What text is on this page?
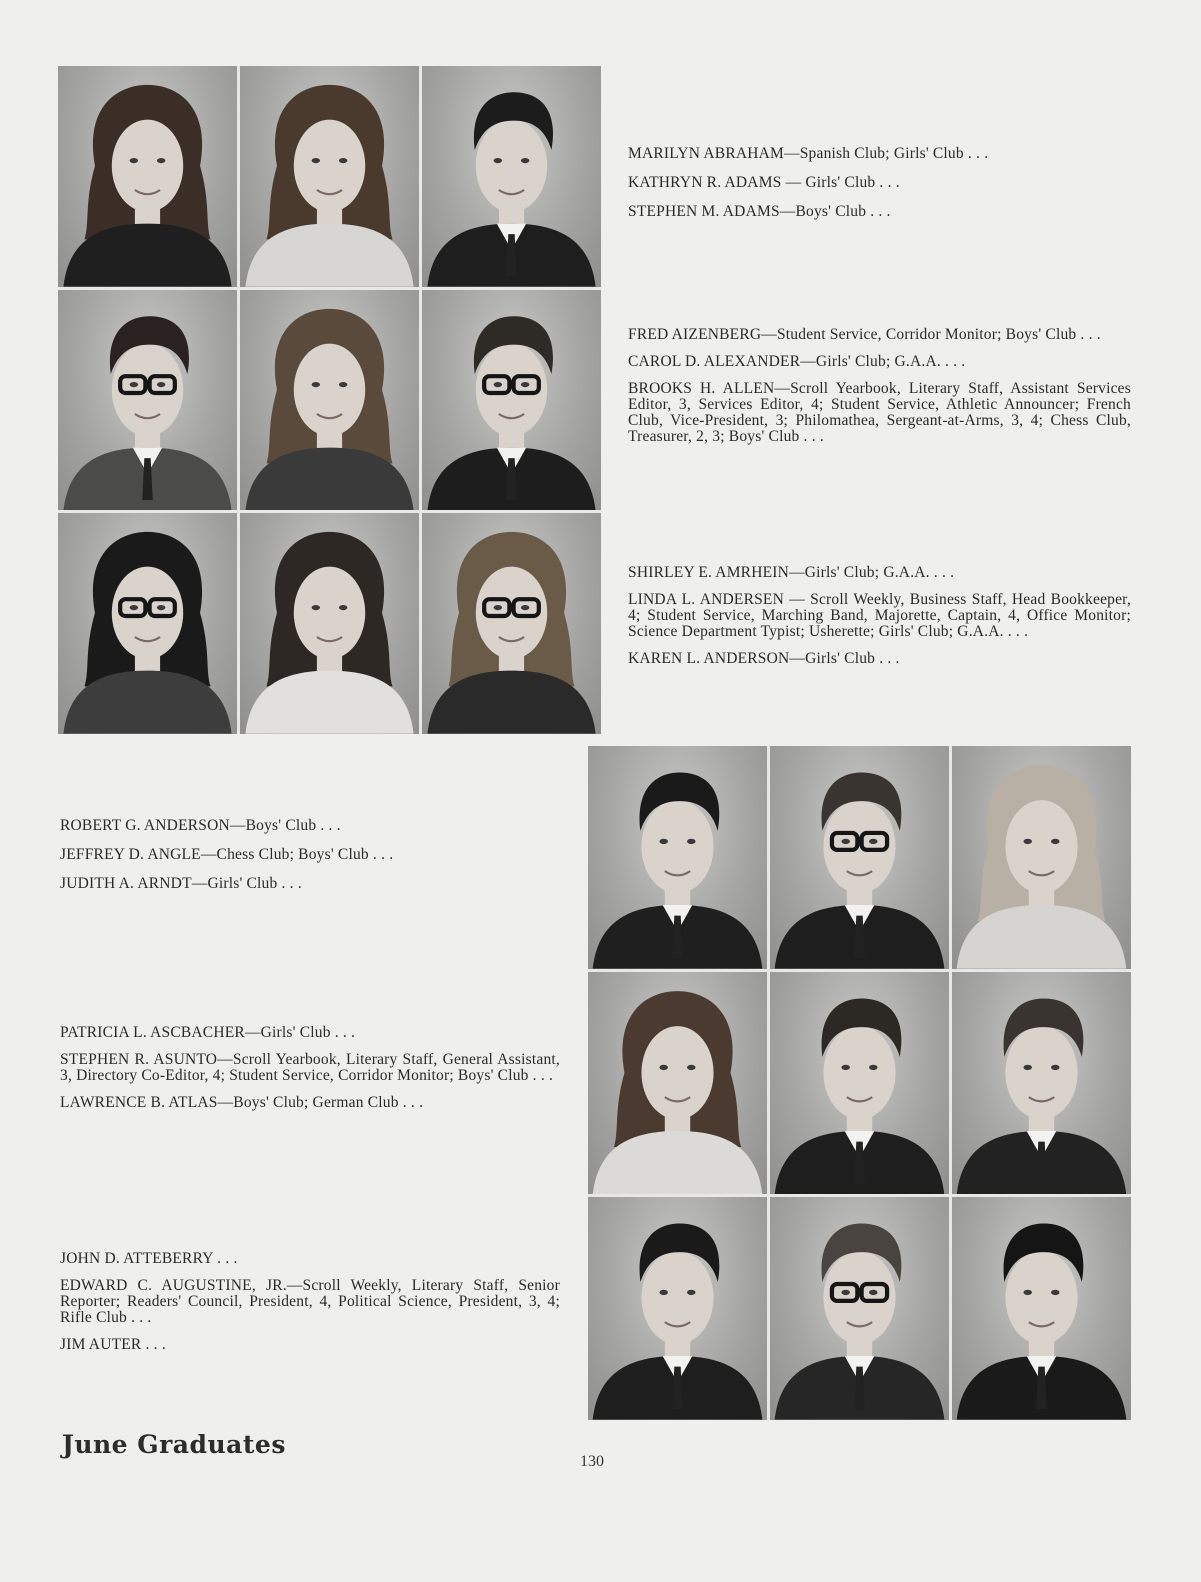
MARILYN ABRAHAM—Spanish Club; Girls' Club . . .

KATHRYN R. ADAMS — Girls' Club . . .

STEPHEN M. ADAMS—Boys' Club . . .

FRED AIZENBERG—Student Service, Corridor Monitor; Boys' Club . . .

CAROL D. ALEXANDER—Girls' Club; G.A.A. . . .

BROOKS H. ALLEN—Scroll Yearbook, Literary Staff, Assistant Services Editor, 3, Services Editor, 4; Student Service, Athletic Announcer; French Club, Vice-President, 3; Philomathea, Sergeant-at-Arms, 3, 4; Chess Club, Treasurer, 2, 3; Boys' Club . . .

SHIRLEY E. AMRHEIN—Girls' Club; G.A.A. . . .

LINDA L. ANDERSEN — Scroll Weekly, Business Staff, Head Bookkeeper, 4; Student Service, Marching Band, Majorette, Captain, 4, Office Monitor; Science Department Typist; Usherette; Girls' Club; G.A.A. . . .

KAREN L. ANDERSON—Girls' Club . . .

ROBERT G. ANDERSON—Boys' Club . . .

JEFFREY D. ANGLE—Chess Club; Boys' Club . . .

JUDITH A. ARNDT—Girls' Club . . .

PATRICIA L. ASCBACHER—Girls' Club . . .

STEPHEN R. ASUNTO—Scroll Yearbook, Literary Staff, General Assistant, 3, Directory Co-Editor, 4; Student Service, Corridor Monitor; Boys' Club . . .

LAWRENCE B. ATLAS—Boys' Club; German Club . . .

JOHN D. ATTEBERRY . . .

EDWARD C. AUGUSTINE, JR.—Scroll Weekly, Literary Staff, Senior Reporter; Readers' Council, President, 4, Political Science, President, 3, 4; Rifle Club . . .

JIM AUTER . . .

June Graduates
130
